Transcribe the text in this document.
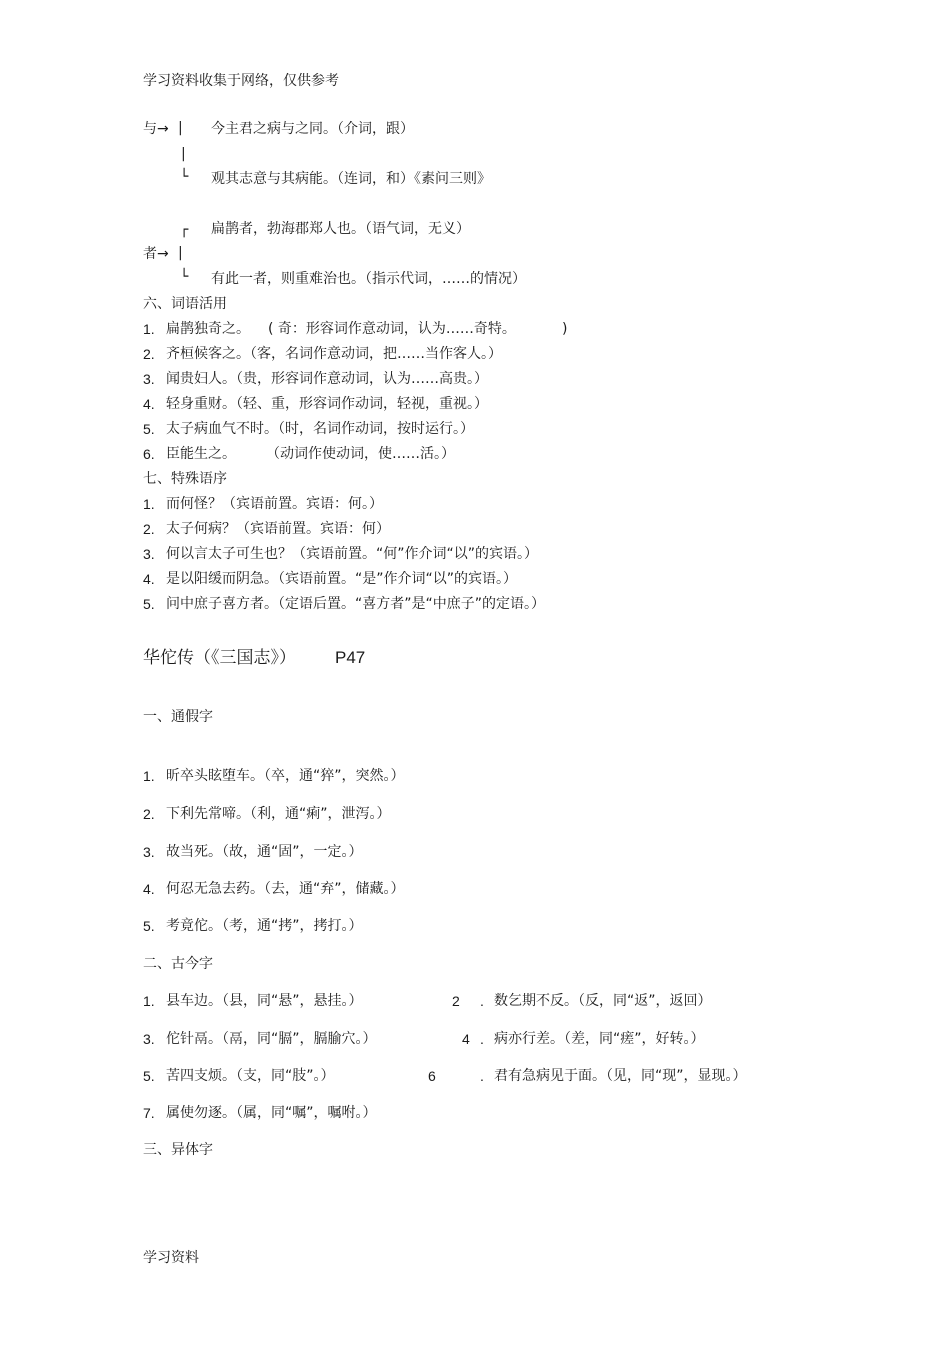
学习资料收集于网络，仅供参考
与→ | 今主君之病与之同。（介词，跟）
|
└ 观其志意与其病能。（连词，和）《素问三则》
┌ 扁鹊者，勃海郡郑人也。（语气词，无义）
者→ |
└ 有此一者，则重难治也。（指示代词，……的情况）
六、词语活用
1. 扁鹊独奇之。 ( 奇：形容词作意动词，认为……奇特。	)
2. 齐桓候客之。（客，名词作意动词，把……当作客人。）
3. 闻贵妇人。（贵，形容词作意动词，认为……高贵。）
4. 轻身重财。（轻、重，形容词作动词，轻视，重视。）
5. 太子病血气不时。（时，名词作动词，按时运行。）
6. 臣能生之。 （动词作使动词，使……活。）
七、特殊语序
1. 而何怪？（宾语前置。宾语：何。）
2. 太子何病？（宾语前置。宾语：何）
3. 何以言太子可生也？（宾语前置。“何”作介词“以”的宾语。）
4. 是以阳缓而阴急。（宾语前置。“是”作介词“以”的宾语。）
5. 问中庶子喜方者。（定语后置。“喜方者”是“中庶子”的定语。）
华佗传（《三国志》） P47
一、通假字
1. 昕卒头眩堕车。（卒，通“猝”，突然。）
2. 下利先常啼。（利，通“痢”，泄泻。）
3. 故当死。（故，通“固”，一定。）
4. 何忍无急去药。（去，通“弃”，储藏。）
5. 考竟佗。（考，通“拷”，拷打。）
二、古今字
1. 县车边。（县，同“悬”，悬挂。）	2 . 数乞期不反。（反，同“返”，返回）
3. 佗针鬲。（鬲，同“膈”，膈腧穴。）	4 . 病亦行差。（差，同“瘥”，好转。）
5. 苦四支烦。（支，同“肢”。）	6	. 君有急病见于面。（见，同“现”，显现。）
7. 属使勿逐。（属，同“嘱”，嘱咐。）
三、异体字
学习资料
